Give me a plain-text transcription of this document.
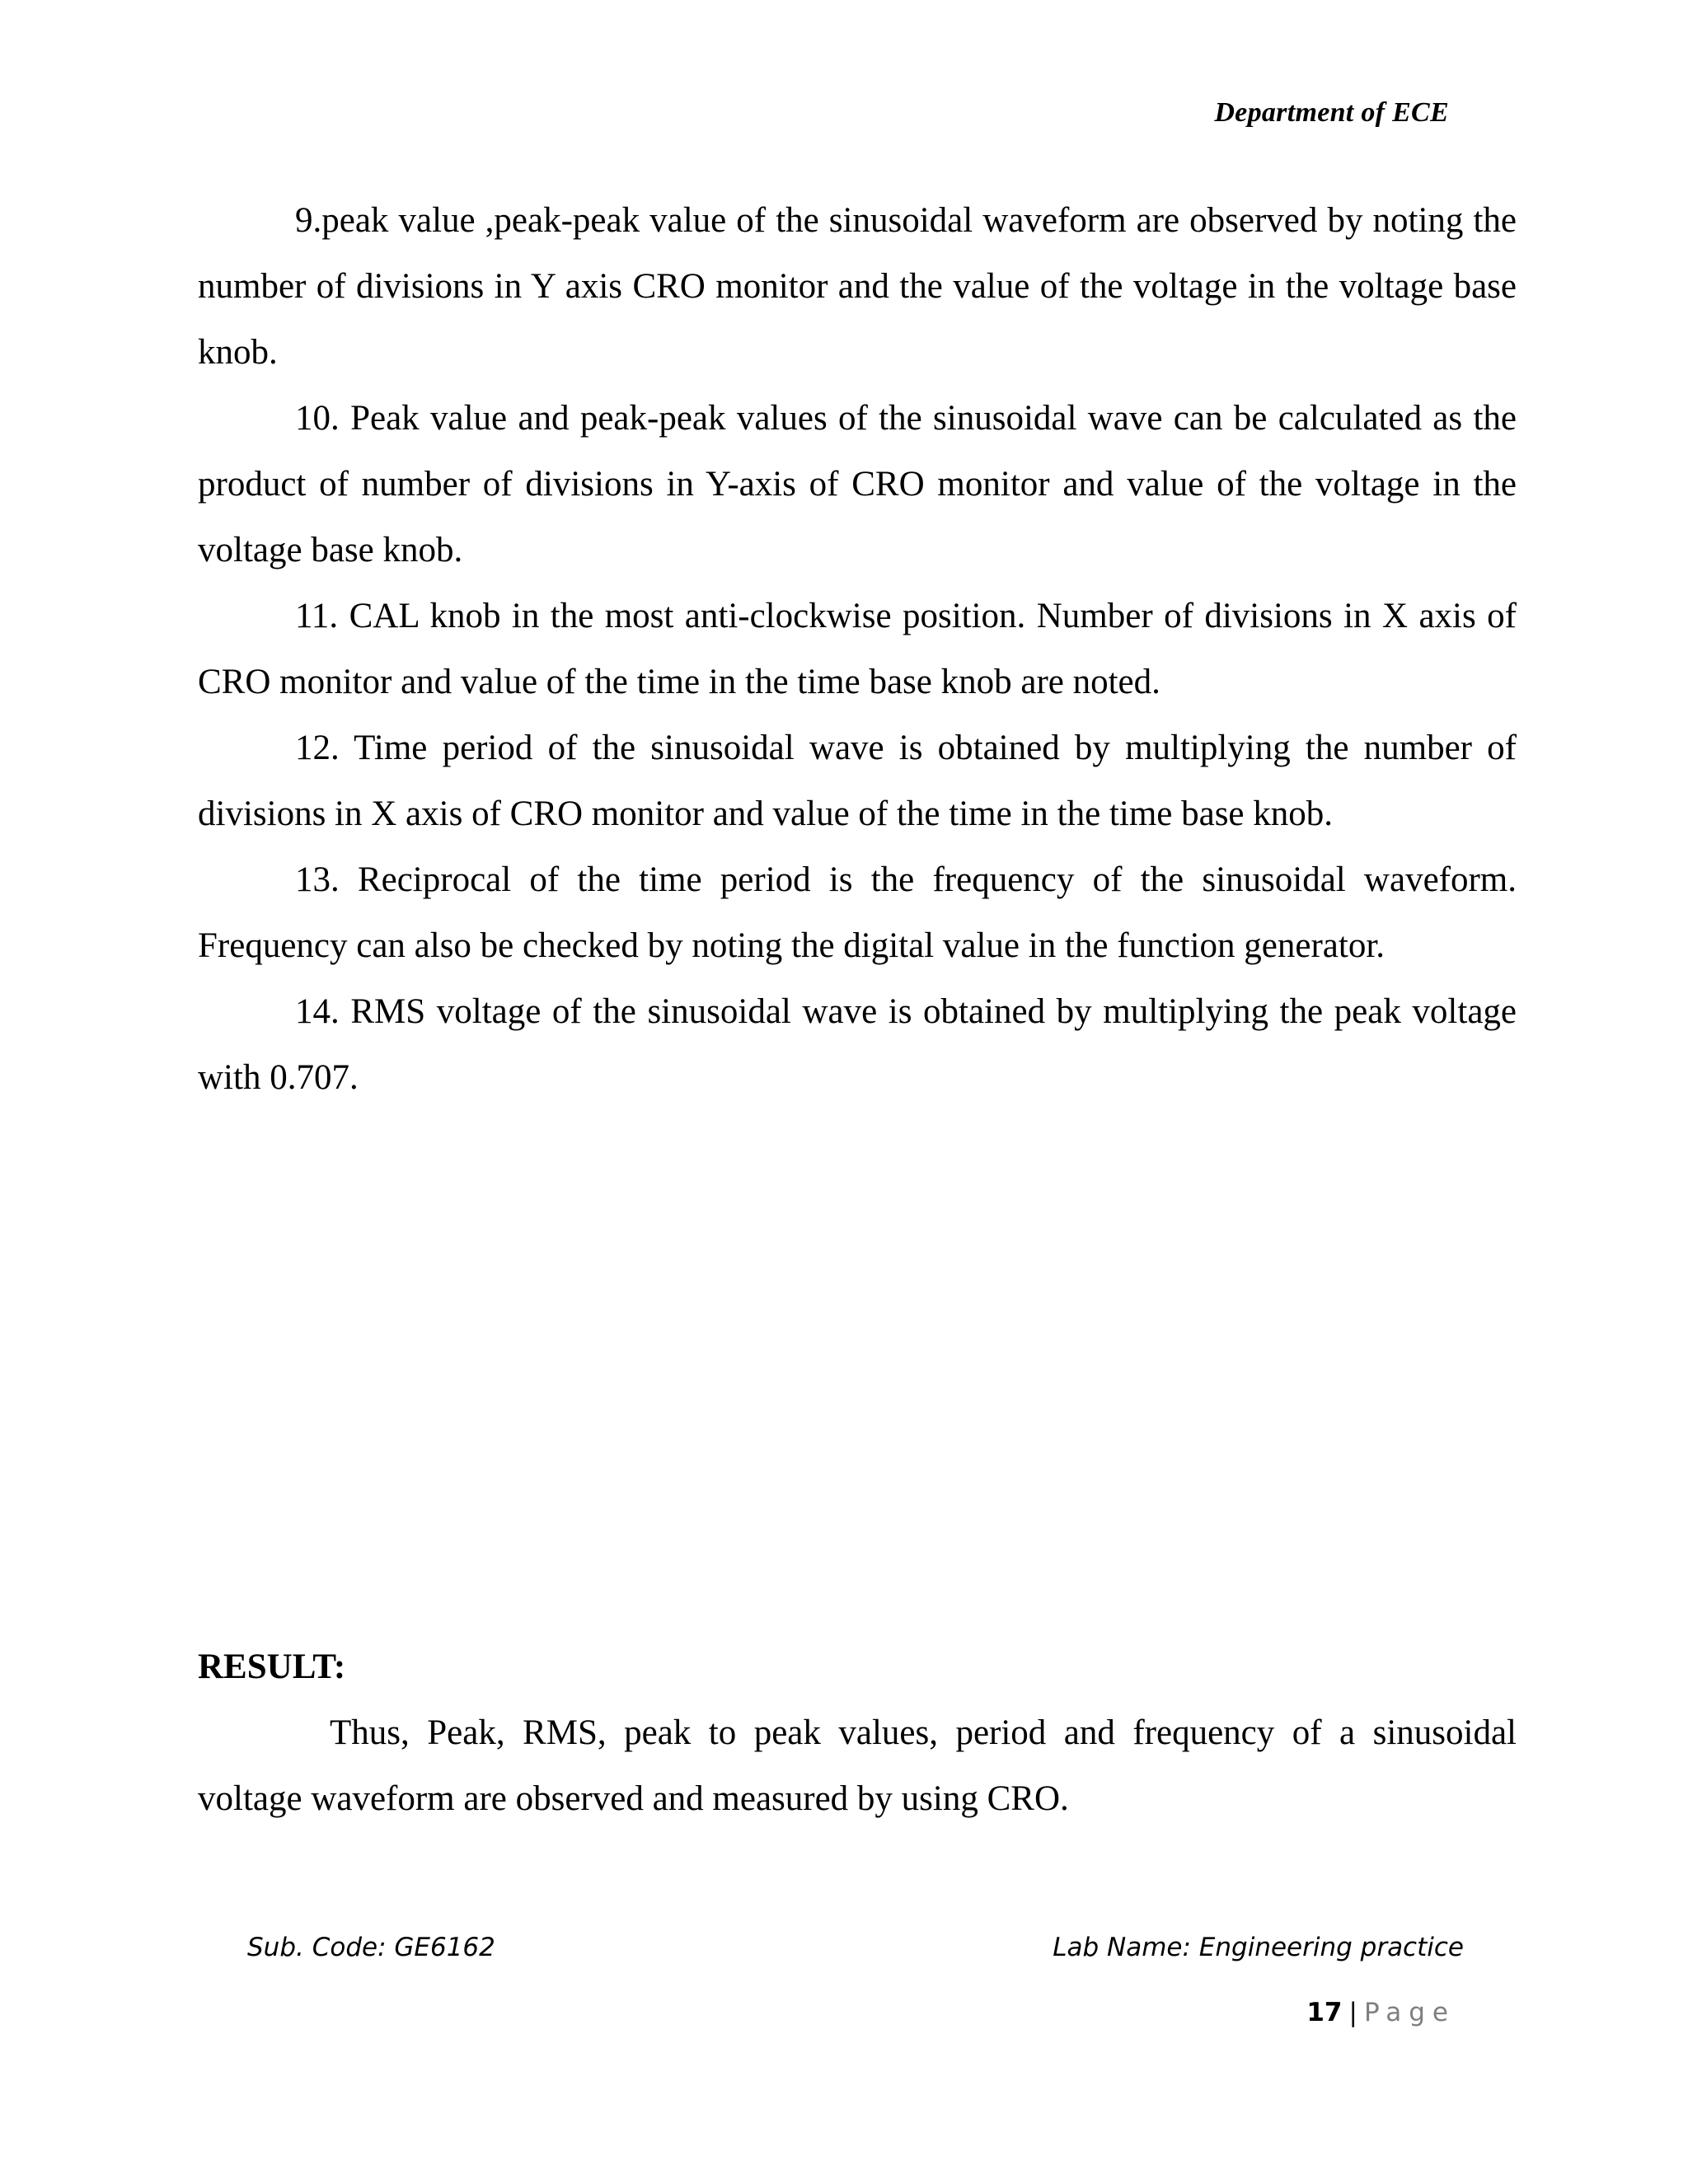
Department of ECE

9.peak value ,peak-peak value of the sinusoidal waveform are observed by noting the number of divisions in Y axis CRO monitor and the value of the voltage in the voltage base knob.

10. Peak value and peak-peak values of the sinusoidal wave can be calculated as the product of number of divisions in Y-axis of CRO monitor and value of the voltage in the voltage base knob.

11. CAL knob in the most anti-clockwise position. Number of divisions in X axis of CRO monitor and value of the time in the time base knob are noted.

12. Time period of the sinusoidal wave is obtained by multiplying the number of divisions in X axis of CRO monitor and value of the time in the time base knob.

13. Reciprocal of the time period is the frequency of the sinusoidal waveform. Frequency can also be checked by noting the digital value in the function generator.

14. RMS voltage of the sinusoidal wave is obtained by multiplying the peak voltage with 0.707.

RESULT:

Thus, Peak, RMS, peak to peak values, period and frequency of a sinusoidal voltage waveform are observed and measured by using CRO.

Sub. Code: GE6162	Lab Name: Engineering practice
17 | Page
